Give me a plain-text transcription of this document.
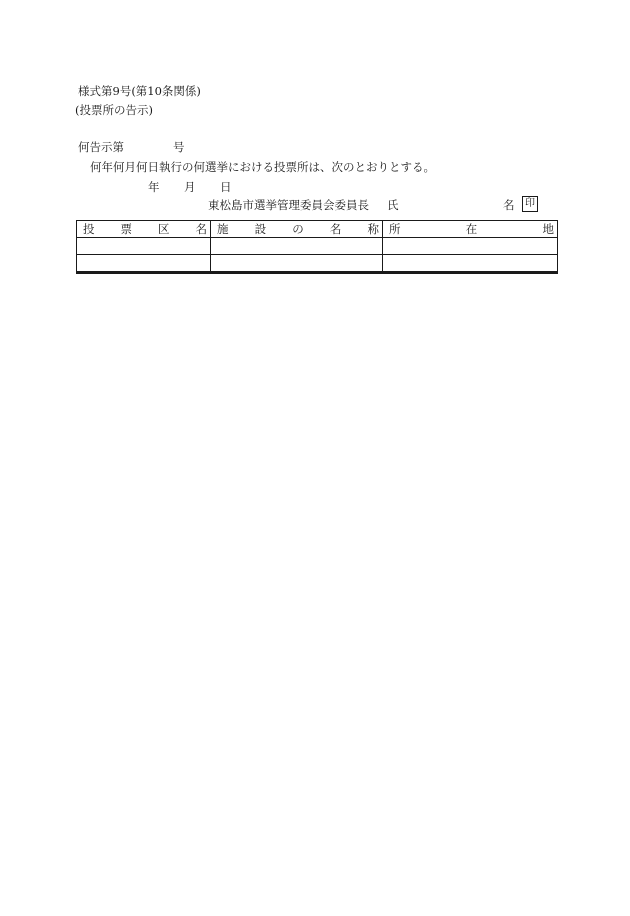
様式第9号(第10条関係)
(投票所の告示)
何告示第	号
何年何月何日執行の何選挙における投票所は、次のとおりとする。
年 月 日
東松島市選挙管理委員会委員長 氏	名	印
投 票 区 名	施 設 の 名 称	所 在 地
